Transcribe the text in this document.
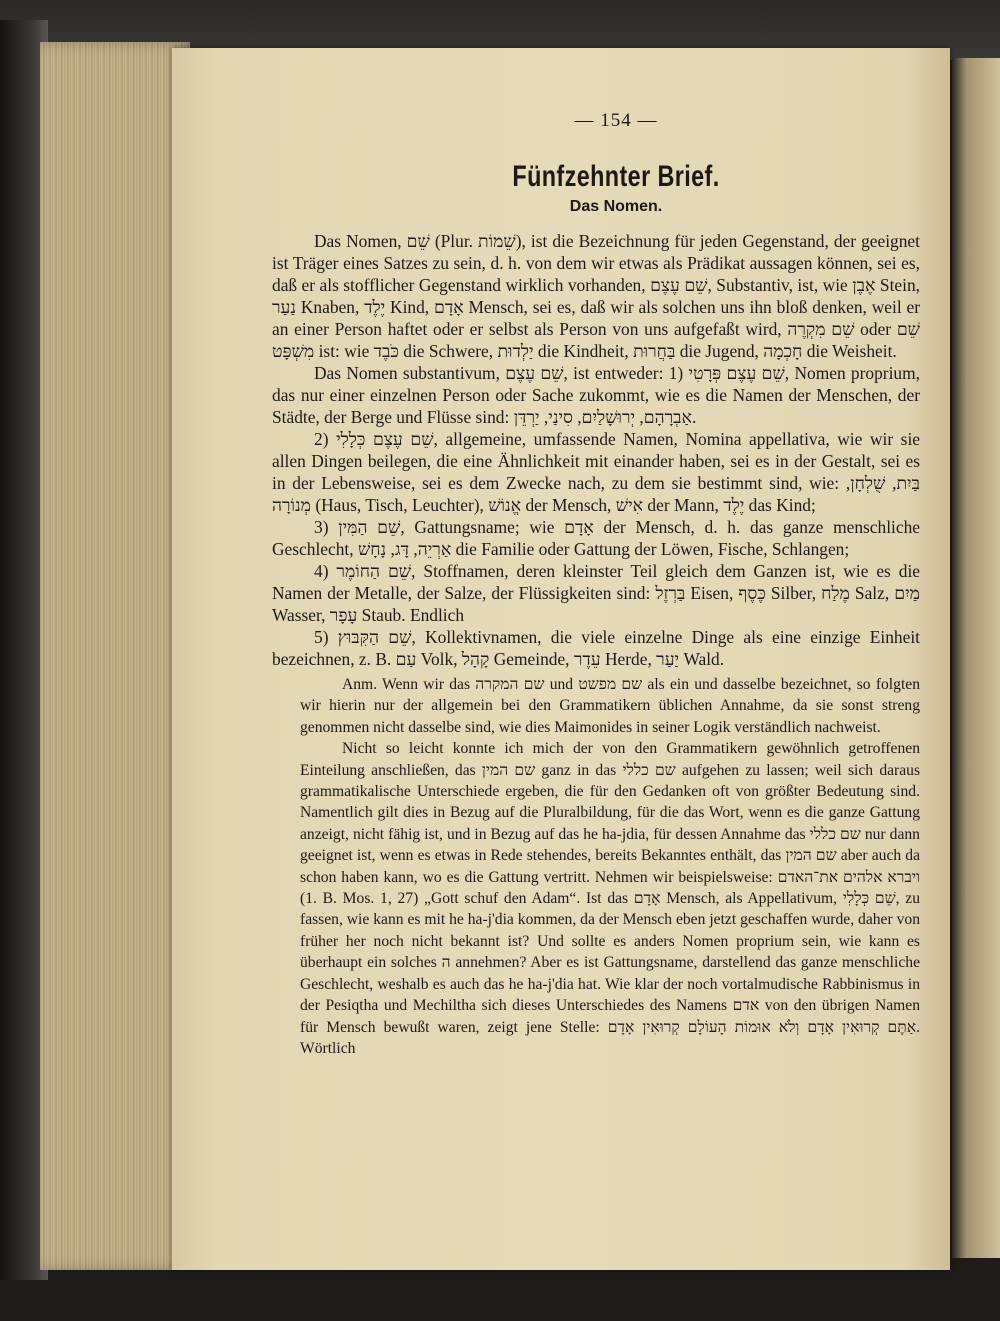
— 154 —
Fünfzehnter Brief.
Das Nomen.

Das Nomen, שֵׁם (Plur. שֵׁמוֹת), ist die Bezeichnung für jeden Gegenstand, der geeignet ist Träger eines Satzes zu sein, d. h. von dem wir etwas als Prädikat aussagen können, sei es, daß er als stofflicher Gegenstand wirklich vorhanden, שֵׁם עֶצֶם, Substantiv, ist, wie אֶבֶן Stein, נַעַר Knaben, יֶלֶד Kind, אָדָם Mensch, sei es, daß wir als solchen uns ihn bloß denken, weil er an einer Person haftet oder er selbst als Person von uns aufgefaßt wird, שֵׁם מִקְרֶה oder שֵׁם מִשְׁפָּט ist: wie כֹּבֶד die Schwere, יַלְדוּת die Kindheit, בַּחֲרוּת die Jugend, חָכְמָה die Weisheit.

Das Nomen substantivum, שֵׁם עֶצֶם, ist entweder: 1) שֵׁם עֶצֶם פְּרָטִי, Nomen proprium, das nur einer einzelnen Person oder Sache zukommt, wie es die Namen der Menschen, der Städte, der Berge und Flüsse sind: אַבְרָהָם, יְרוּשָׁלַיִם, סִינַי, יַרְדֵּן.

2) שֵׁם עֶצֶם כְּלָלִי, allgemeine, umfassende Namen, Nomina appellativa, wie wir sie allen Dingen beilegen, die eine Ähnlichkeit mit einander haben, sei es in der Gestalt, sei es in der Lebensweise, sei es dem Zwecke nach, zu dem sie bestimmt sind, wie: בַּיִת, שֻׁלְחָן, מְנוֹרָה (Haus, Tisch, Leuchter), אֱנוֹשׁ der Mensch, אִישׁ der Mann, יֶלֶד das Kind;

3) שֵׁם הַמִּין, Gattungsname; wie אָדָם der Mensch, d. h. das ganze menschliche Geschlecht, אַרְיֵה, דָּג, נָחָשׁ die Familie oder Gattung der Löwen, Fische, Schlangen;

4) שֵׁם הַחוֹמֶר, Stoffnamen, deren kleinster Teil gleich dem Ganzen ist, wie es die Namen der Metalle, der Salze, der Flüssigkeiten sind: בַּרְזֶל Eisen, כֶּסֶף Silber, מֶלַח Salz, מַיִם Wasser, עָפָר Staub. Endlich

5) שֵׁם הַקִּבּוּץ, Kollektivnamen, die viele einzelne Dinge als eine einzige Einheit bezeichnen, z. B. עַם Volk, קָהָל Gemeinde, עֵדֶר Herde, יַעַר Wald.

Anm. Wenn wir das שם המקרה und שם מפשט als ein und dasselbe bezeichnet, so folgten wir hierin nur der allgemein bei den Grammatikern üblichen Annahme, da sie sonst streng genommen nicht dasselbe sind, wie dies Maimonides in seiner Logik verständlich nachweist.

Nicht so leicht konnte ich mich der von den Grammatikern gewöhnlich getroffenen Einteilung anschließen, das שם המין ganz in das שם כללי aufgehen zu lassen; weil sich daraus grammatikalische Unterschiede ergeben, die für den Gedanken oft von größter Bedeutung sind. Namentlich gilt dies in Bezug auf die Pluralbildung, für die das Wort, wenn es die ganze Gattung anzeigt, nicht fähig ist, und in Bezug auf das he ha-jdia, für dessen Annahme das שם כללי nur dann geeignet ist, wenn es etwas in Rede stehendes, bereits Bekanntes enthält, das שם המין aber auch da schon haben kann, wo es die Gattung vertritt. Nehmen wir beispielsweise: ויברא אלהים את־האדם (1. B. Mos. 1, 27) „Gott schuf den Adam“. Ist das אָדָם Mensch, als Appellativum, שֵׁם כְּלָלִי, zu fassen, wie kann es mit he ha-j'dia kommen, da der Mensch eben jetzt geschaffen wurde, daher von früher her noch nicht bekannt ist? Und sollte es anders Nomen proprium sein, wie kann es überhaupt ein solches ה annehmen? Aber es ist Gattungsname, darstellend das ganze menschliche Geschlecht, weshalb es auch das he ha-j'dia hat. Wie klar der noch vortalmudische Rabbinismus in der Pesiqtha und Mechiltha sich dieses Unterschiedes des Namens אדם von den übrigen Namen für Mensch bewußt waren, zeigt jene Stelle: אַתֶּם קְרוּאִין אָדָם וְלֹא אוּמוֹת הָעוֹלָם קְרוּאִין אָדָם. Wörtlich
